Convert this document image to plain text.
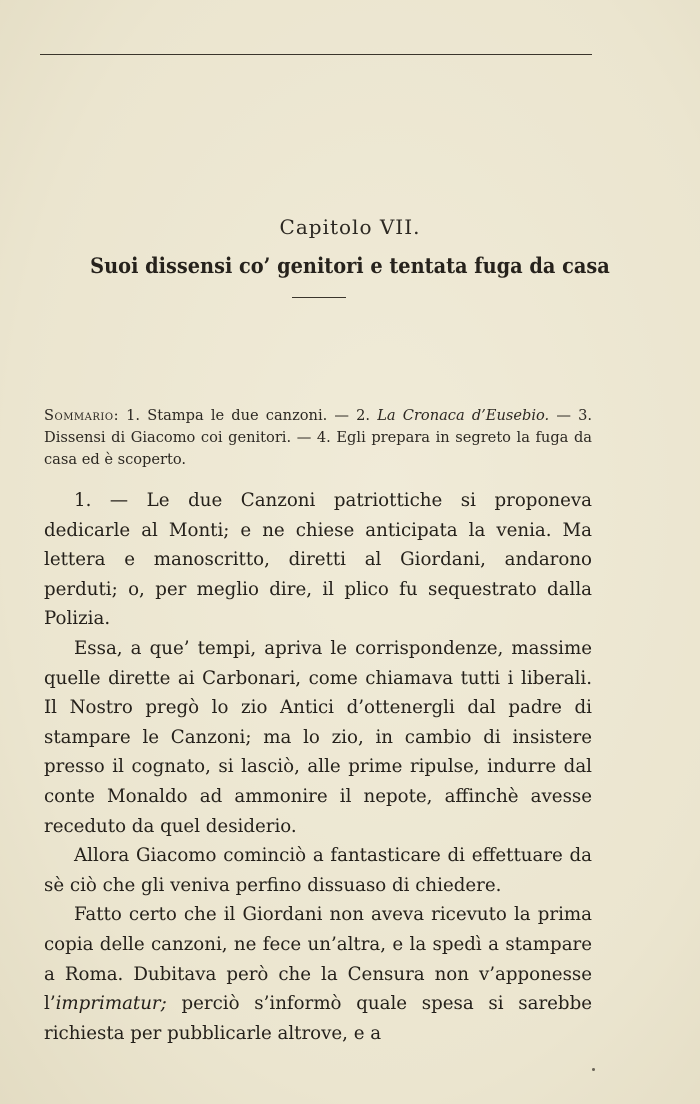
Capitolo VII.
Suoi dissensi co’ genitori e tentata fuga da casa
Sommario: 1. Stampa le due canzoni. — 2. La Cronaca d’Eusebio. — 3. Dissensi di Giacomo coi genitori. — 4. Egli prepara in segreto la fuga da casa ed è scoperto.

1. — Le due Canzoni patriottiche si proponeva dedicarle al Monti; e ne chiese anticipata la venia. Ma lettera e manoscritto, diretti al Giordani, andarono perduti; o, per meglio dire, il plico fu sequestrato dalla Polizia.

Essa, a que’ tempi, apriva le corrispondenze, massime quelle dirette ai Carbonari, come chiamava tutti i liberali. Il Nostro pregò lo zio Antici d’ottenergli dal padre di stampare le Canzoni; ma lo zio, in cambio di insistere presso il cognato, si lasciò, alle prime ripulse, indurre dal conte Monaldo ad ammonire il nepote, affinchè avesse receduto da quel desiderio.

Allora Giacomo cominciò a fantasticare di effettuare da sè ciò che gli veniva perfino dissuaso di chiedere.

Fatto certo che il Giordani non aveva ricevuto la prima copia delle canzoni, ne fece un’altra, e la spedì a stampare a Roma. Dubitava però che la Censura non v’apponesse l’imprimatur; perciò s’informò quale spesa si sarebbe richiesta per pubblicarle altrove, e a
